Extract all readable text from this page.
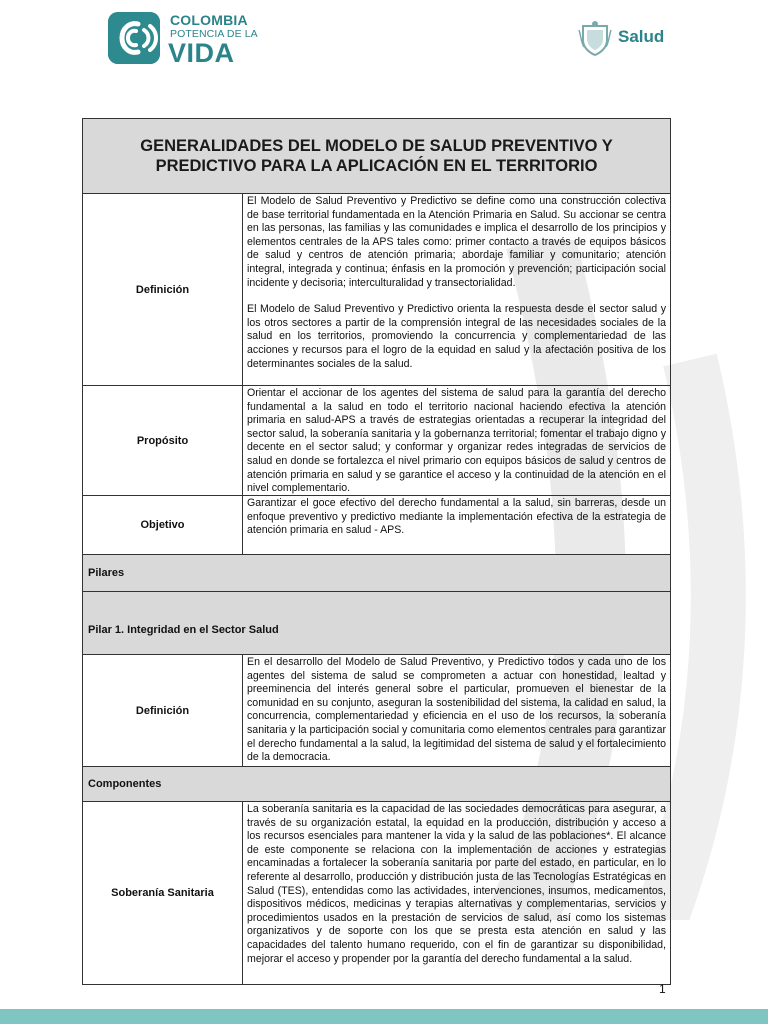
COLOMBIA
POTENCIA DE LA
VIDA
Salud
GENERALIDADES DEL MODELO DE SALUD PREVENTIVO Y PREDICTIVO PARA LA APLICACIÓN EN EL TERRITORIO
Definición

El Modelo de Salud Preventivo y Predictivo se define como una construcción colectiva de base territorial fundamentada en la Atención Primaria en Salud. Su accionar se centra en las personas, las familias y las comunidades e implica el desarrollo de los principios y elementos centrales de la APS tales como: primer contacto a través de equipos básicos de salud y centros de atención primaria; abordaje familiar y comunitario; atención integral, integrada y continua; énfasis en la promoción y prevención; participación social incidente y decisoria; interculturalidad y transectorialidad.

El Modelo de Salud Preventivo y Predictivo orienta la respuesta desde el sector salud y los otros sectores a partir de la comprensión integral de las necesidades sociales de la salud en los territorios, promoviendo la concurrencia y complementariedad de las acciones y recursos para el logro de la equidad en salud y la afectación positiva de los determinantes sociales de la salud.

Propósito

Orientar el accionar de los agentes del sistema de salud para la garantía del derecho fundamental a la salud en todo el territorio nacional haciendo efectiva la atención primaria en salud-APS a través de estrategias orientadas a recuperar la integridad del sector salud, la soberanía sanitaria y la gobernanza territorial; fomentar el trabajo digno y decente en el sector salud; y conformar y organizar redes integradas de servicios de salud en donde se fortalezca el nivel primario con equipos básicos de salud y centros de atención primaria en salud y se garantice el acceso y la continuidad de la atención en el nivel complementario.

Objetivo

Garantizar el goce efectivo del derecho fundamental a la salud, sin barreras, desde un enfoque preventivo y predictivo mediante la implementación efectiva de la estrategia de atención primaria en salud - APS.

Pilares
Pilar 1. Integridad en el Sector Salud
Definición

En el desarrollo del Modelo de Salud Preventivo, y Predictivo todos y cada uno de los agentes del sistema de salud se comprometen a actuar con honestidad, lealtad y preeminencia del interés general sobre el particular, promueven el bienestar de la comunidad en su conjunto, aseguran la sostenibilidad del sistema, la calidad en salud, la concurrencia, complementariedad y eficiencia en el uso de los recursos, la soberanía sanitaria y la participación social y comunitaria como elementos centrales para garantizar el derecho fundamental a la salud, la legitimidad del sistema de salud y el fortalecimiento de la democracia.

Componentes
Soberanía Sanitaria

La soberanía sanitaria es la capacidad de las sociedades democráticas para asegurar, a través de su organización estatal, la equidad en la producción, distribución y acceso a los recursos esenciales para mantener la vida y la salud de las poblaciones*. El alcance de este componente se relaciona con la implementación de acciones y estrategias encaminadas a fortalecer la soberanía sanitaria por parte del estado, en particular, en lo referente al desarrollo, producción y distribución justa de las Tecnologías Estratégicas en Salud (TES), entendidas como las actividades, intervenciones, insumos, medicamentos, dispositivos médicos, medicinas y terapias alternativas y complementarias, servicios y procedimientos usados en la prestación de servicios de salud, así como los sistemas organizativos y de soporte con los que se presta esta atención en salud y las capacidades del talento humano requerido, con el fin de garantizar su disponibilidad, mejorar el acceso y propender por la garantía del derecho fundamental a la salud.

1
